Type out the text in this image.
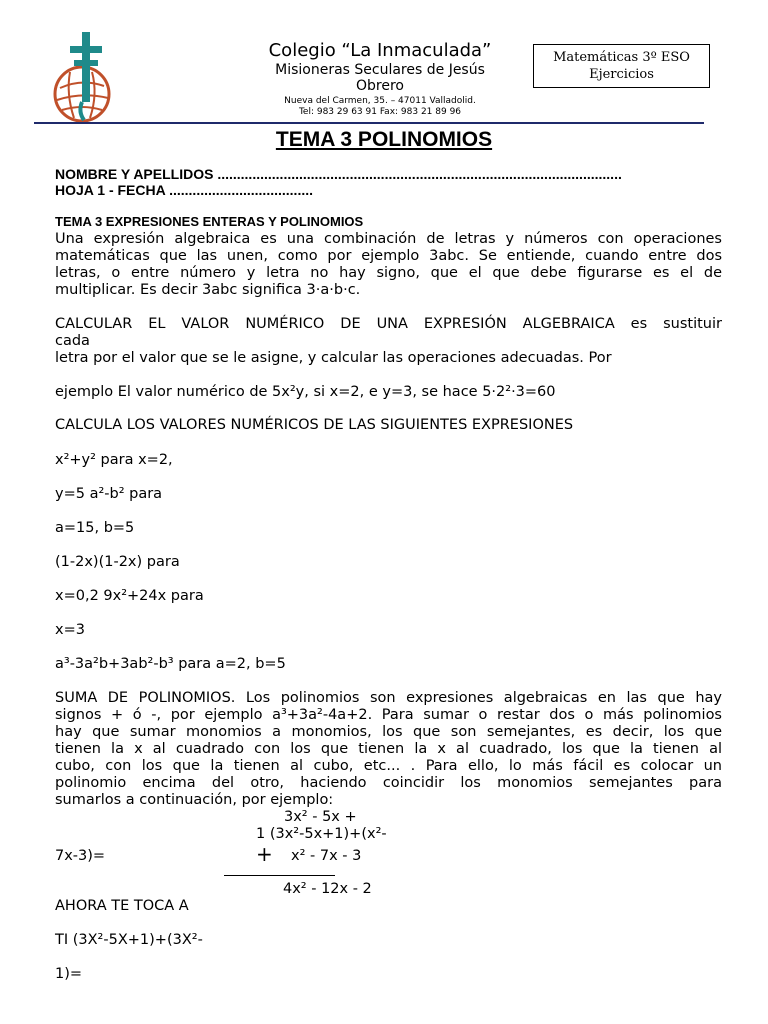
Colegio “La Inmaculada”
Misioneras Seculares de Jesús Obrero
Nueva del Carmen, 35. – 47011 Valladolid.
Tel: 983 29 63 91 Fax: 983 21 89 96
Matemáticas 3º ESO
Ejercicios
TEMA 3 POLINOMIOS
NOMBRE Y APELLIDOS ........................................................................................................
HOJA 1 - FECHA .....................................
TEMA 3 EXPRESIONES ENTERAS Y POLINOMIOS
Una expresión algebraica es una combinación de letras y números con operaciones
matemáticas que las unen, como por ejemplo 3abc. Se entiende, cuando entre dos
letras, o entre número y letra no hay signo, que el que debe figurarse es el de
multiplicar. Es decir 3abc significa 3·a·b·c.
CALCULAR EL VALOR NUMÉRICO DE UNA EXPRESIÓN ALGEBRAICA es sustituir
cada
letra por el valor que se le asigne, y calcular las operaciones adecuadas. Por
ejemplo El valor numérico de 5x²y, si x=2, e y=3, se hace 5·2²·3=60
CALCULA LOS VALORES NUMÉRICOS DE LAS SIGUIENTES EXPRESIONES
x²+y² para x=2,
y=5 a²-b² para
a=15, b=5
(1-2x)(1-2x) para
x=0,2 9x²+24x para
x=3
a³-3a²b+3ab²-b³ para a=2, b=5
SUMA DE POLINOMIOS. Los polinomios son expresiones algebraicas en las que hay
signos + ó -, por ejemplo a³+3a²-4a+2. Para sumar o restar dos o más polinomios
hay que sumar monomios a monomios, los que son semejantes, es decir, los que
tienen la x al cuadrado con los que tienen la x al cuadrado, los que la tienen al
cubo, con los que la tienen al cubo, etc... . Para ello, lo más fácil es colocar un
polinomio encima del otro, haciendo coincidir los monomios semejantes para
sumarlos a continuación, por ejemplo:
3x² - 5x +
1 (3x²-5x+1)+(x²-
7x-3)=	+ x² - 7x - 3
4x² - 12x - 2
AHORA TE TOCA A
TI (3X²-5X+1)+(3X²-
1)=
